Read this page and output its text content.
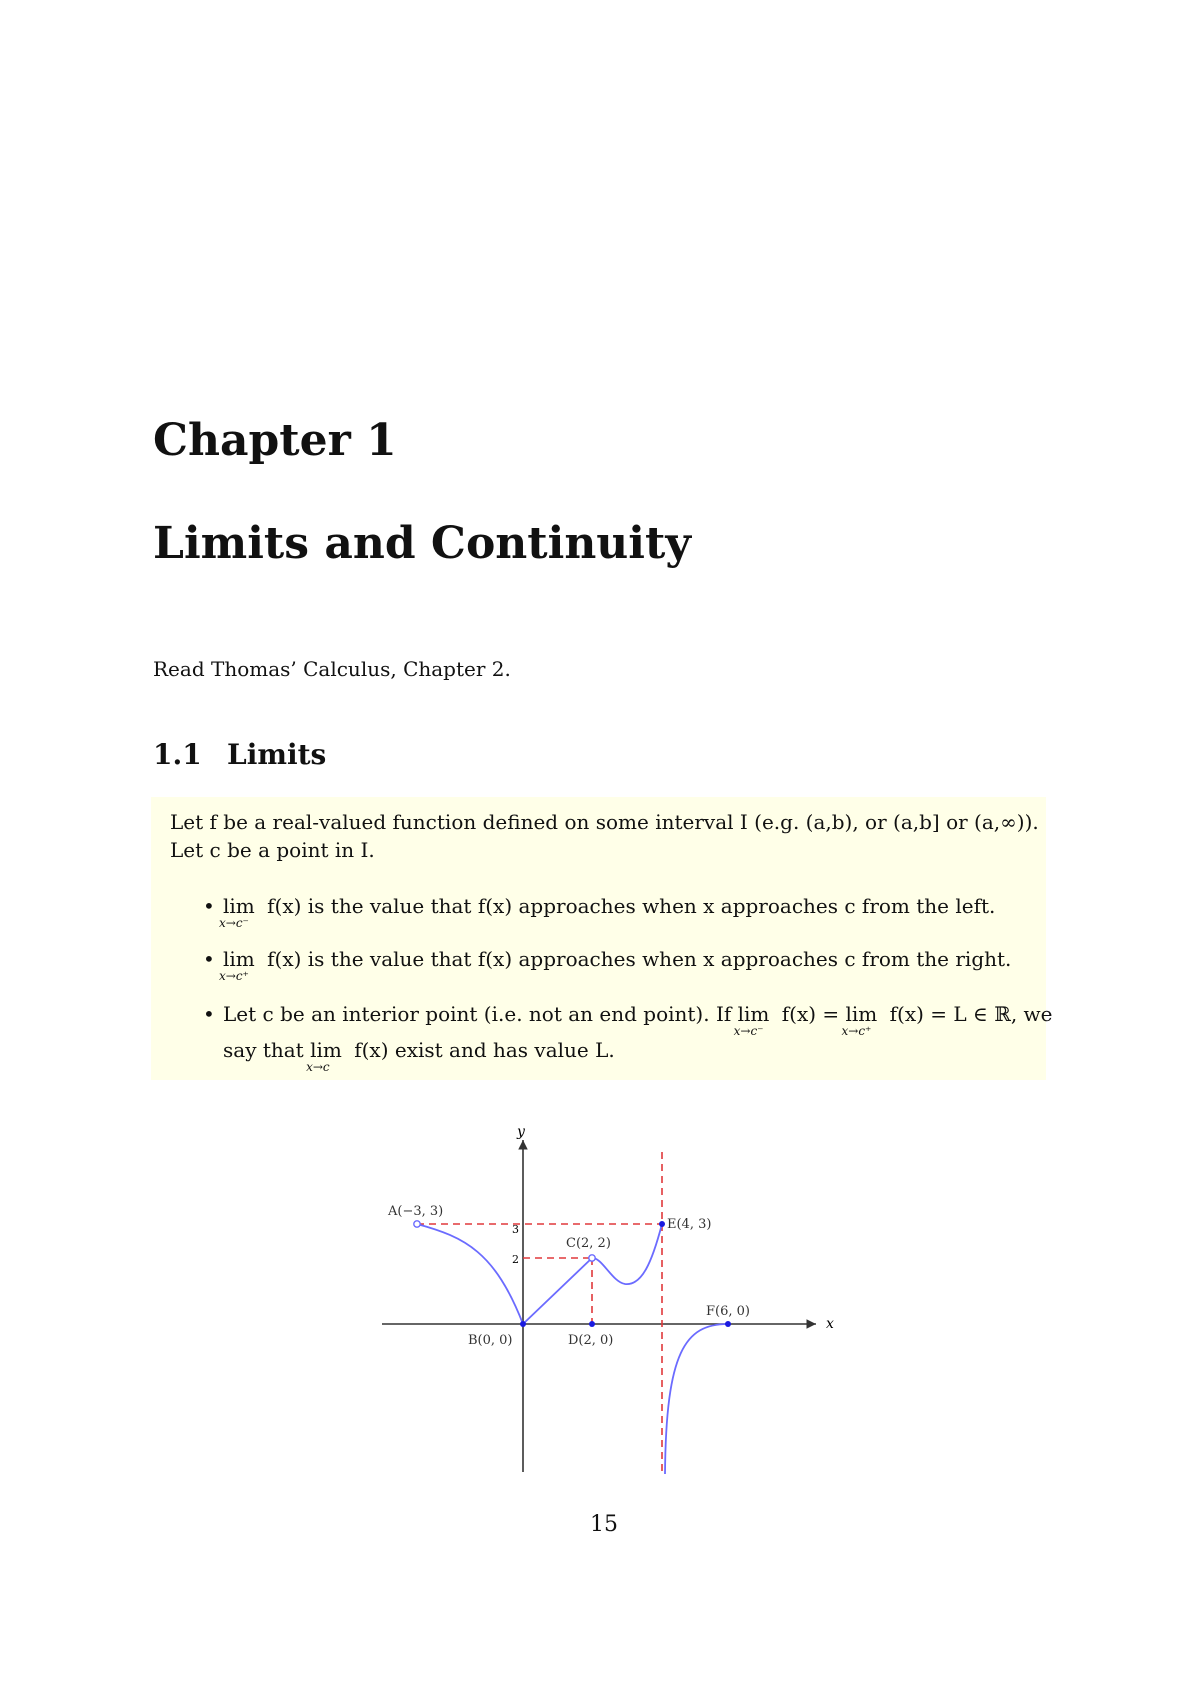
Chapter 1
Limits and Continuity
Read Thomas’ Calculus, Chapter 2.
1.1 Limits
Let f be a real-valued function defined on some interval I (e.g. (a,b), or (a,b] or (a,∞)).
Let c be a point in I.
• lim
x→c⁻
f(x) is the value that f(x) approaches when x approaches c from the left.
• lim
x→c⁺
f(x) is the value that f(x) approaches when x approaches c from the right.
• Let c be an interior point (i.e. not an end point). If lim
x→c⁻
f(x) = lim
x→c⁺
f(x) = L ∈ ℝ, we
say that lim
x→c
f(x) exist and has value L.
x
y
3
2
A(−3, 3)
B(0, 0)
C(2, 2)
D(2, 0)
E(4, 3)
F(6, 0)
15
